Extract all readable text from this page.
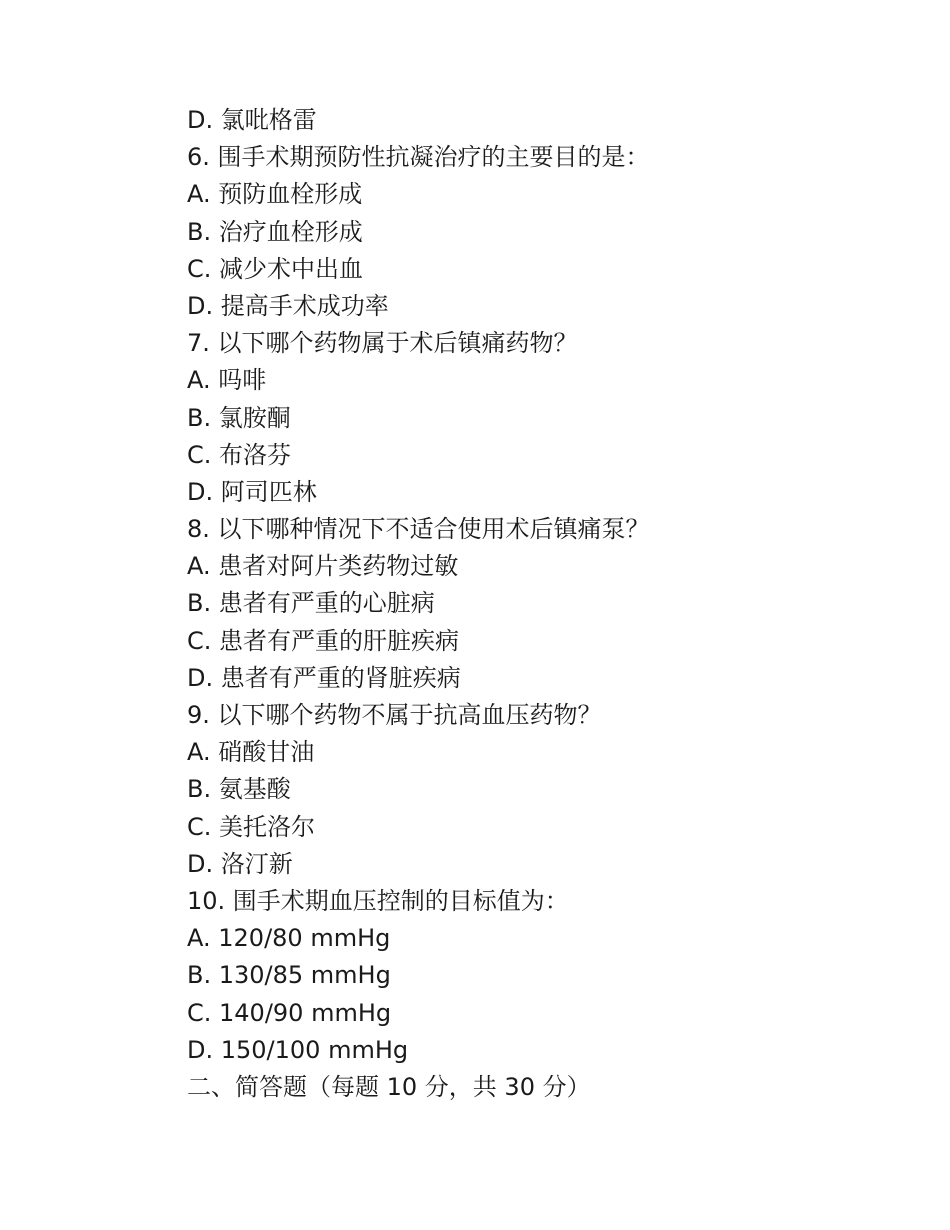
D. 氯吡格雷
6. 围手术期预防性抗凝治疗的主要目的是：
A. 预防血栓形成
B. 治疗血栓形成
C. 减少术中出血
D. 提高手术成功率
7. 以下哪个药物属于术后镇痛药物？
A. 吗啡
B. 氯胺酮
C. 布洛芬
D. 阿司匹林
8. 以下哪种情况下不适合使用术后镇痛泵？
A. 患者对阿片类药物过敏
B. 患者有严重的心脏病
C. 患者有严重的肝脏疾病
D. 患者有严重的肾脏疾病
9. 以下哪个药物不属于抗高血压药物？
A. 硝酸甘油
B. 氨基酸
C. 美托洛尔
D. 洛汀新
10. 围手术期血压控制的目标值为：
A. 120/80 mmHg
B. 130/85 mmHg
C. 140/90 mmHg
D. 150/100 mmHg
二、简答题（每题 10 分，共 30 分）
